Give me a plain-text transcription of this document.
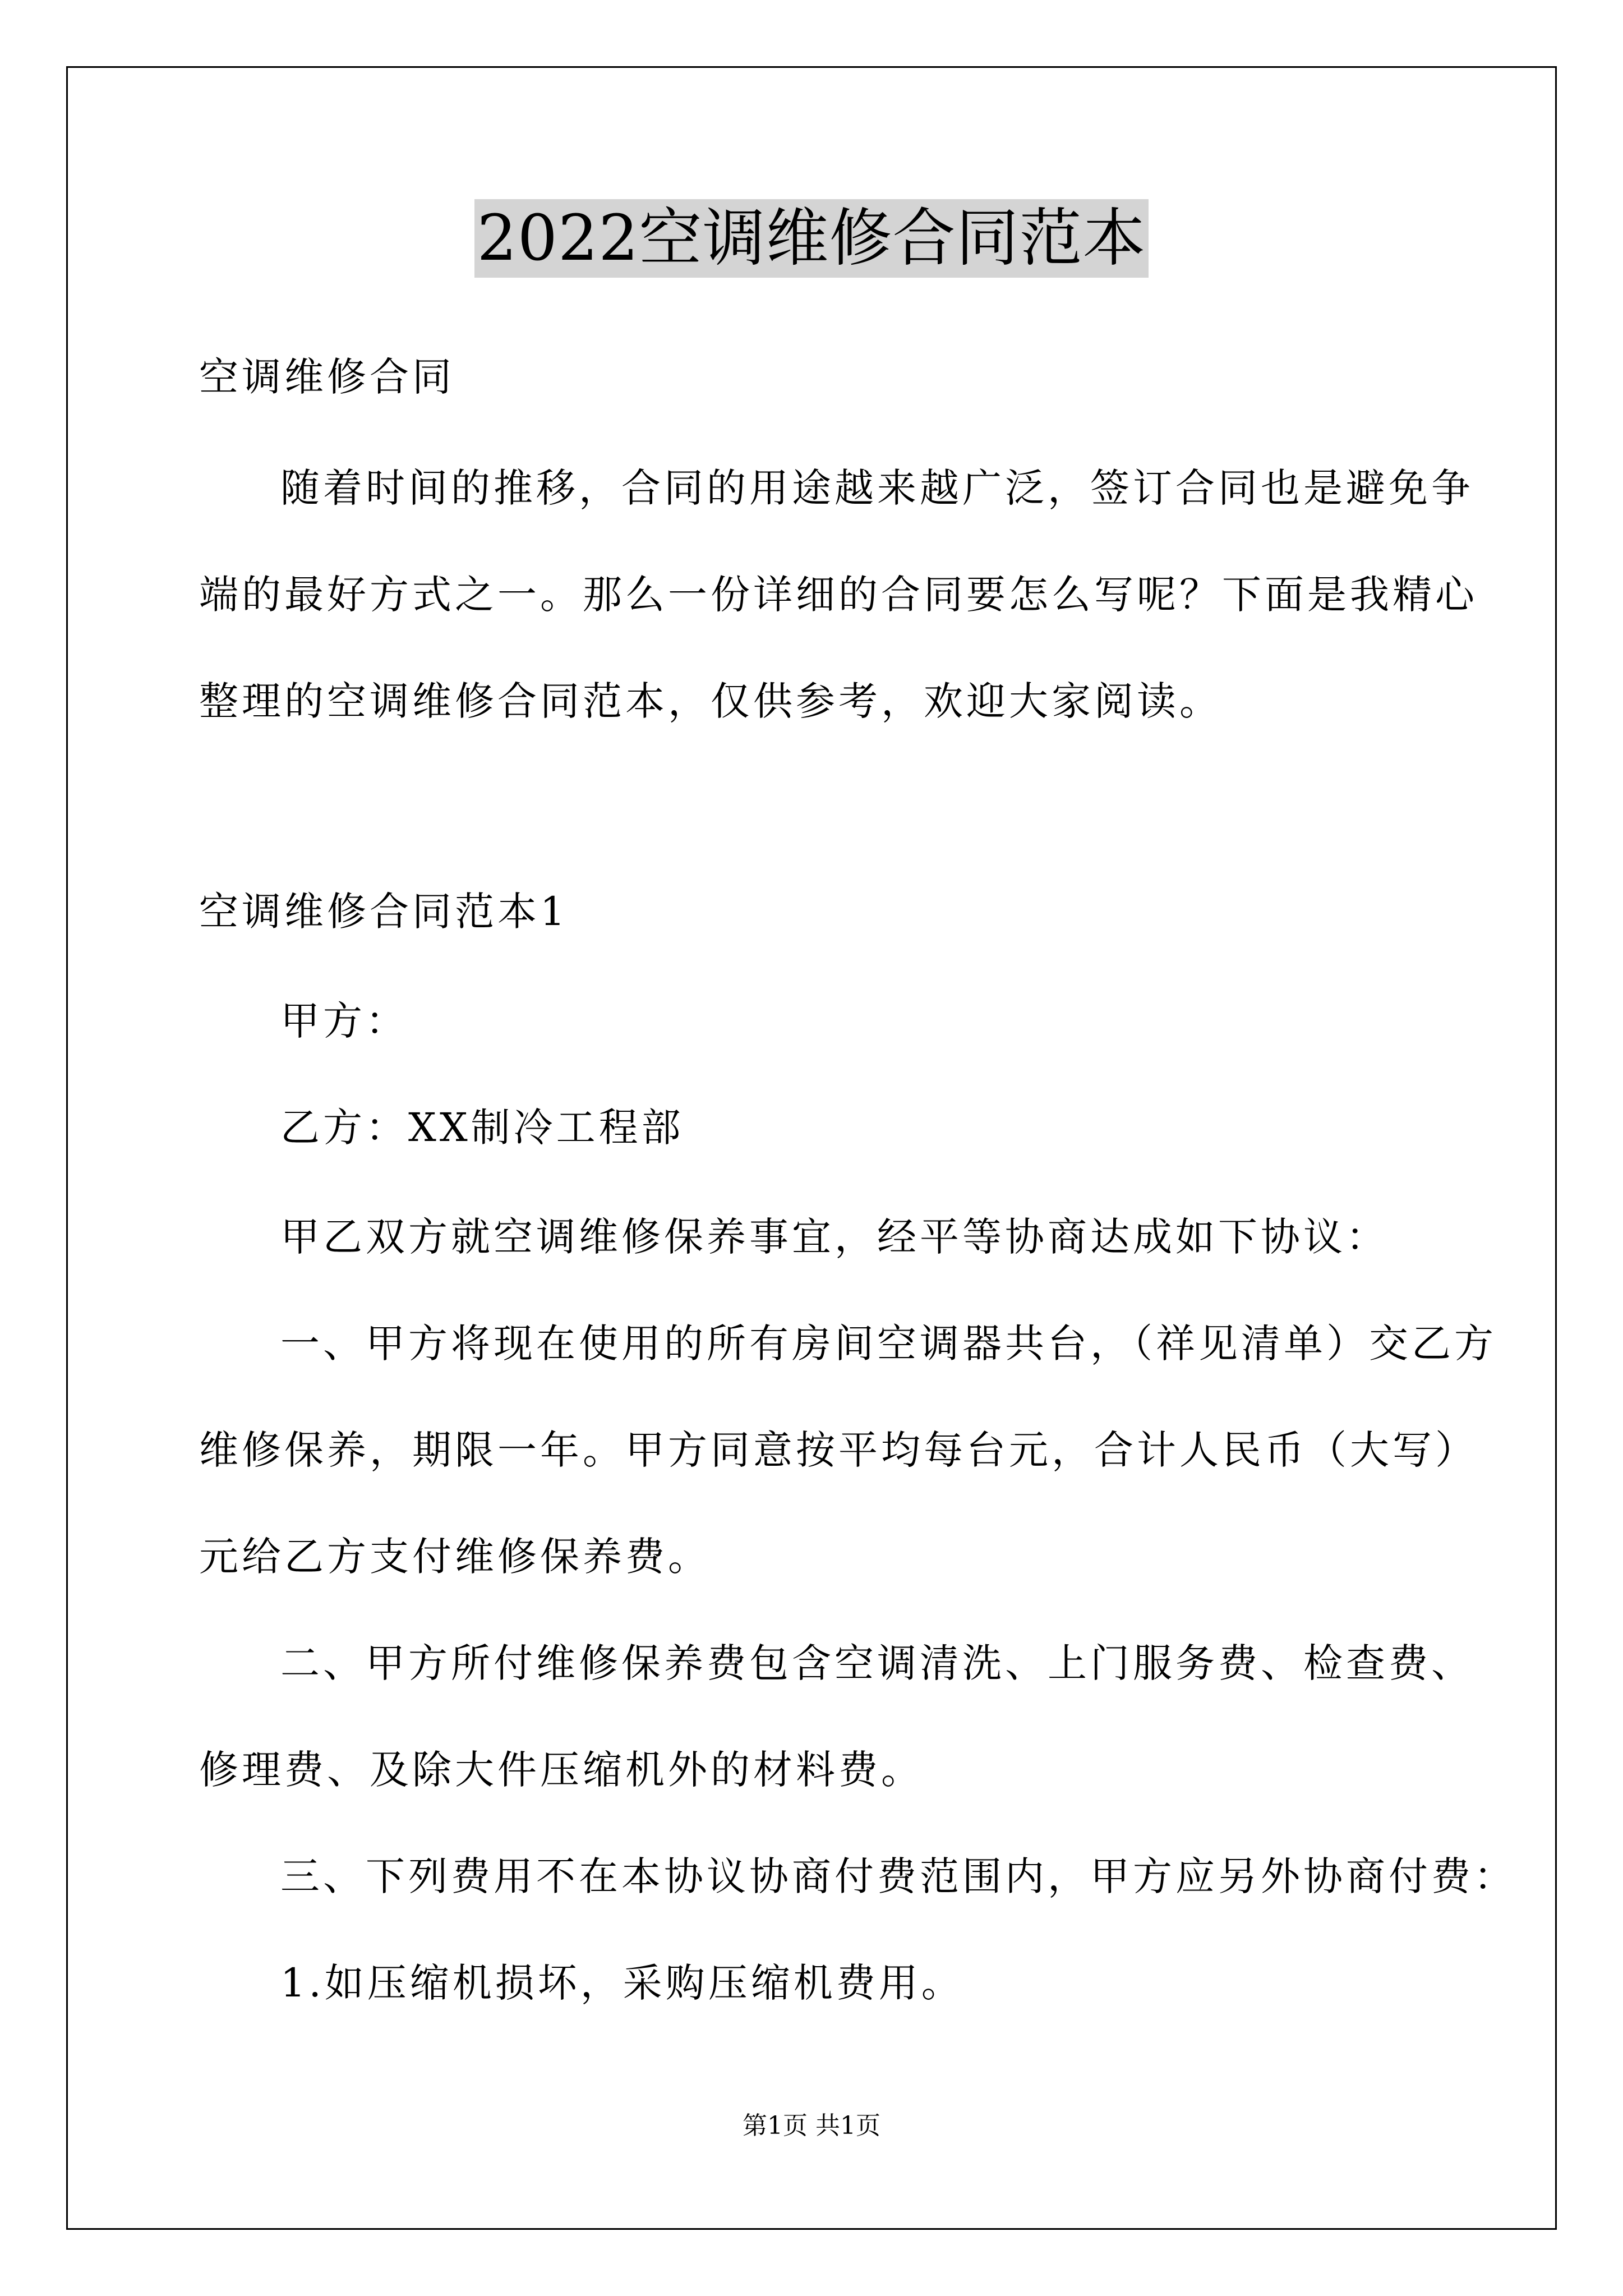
2022空调维修合同范本
空调维修合同
随着时间的推移，合同的用途越来越广泛，签订合同也是避免争
端的最好方式之一。那么一份详细的合同要怎么写呢？下面是我精心
整理的空调维修合同范本，仅供参考，欢迎大家阅读。
空调维修合同范本1
甲方：
乙方：XX制冷工程部
甲乙双方就空调维修保养事宜，经平等协商达成如下协议：
一、甲方将现在使用的所有房间空调器共台，（祥见清单）交乙方
维修保养，期限一年。甲方同意按平均每台元，合计人民币（大写）
元给乙方支付维修保养费。
二、甲方所付维修保养费包含空调清洗、上门服务费、检查费、
修理费、及除大件压缩机外的材料费。
三、下列费用不在本协议协商付费范围内，甲方应另外协商付费：
1.如压缩机损坏，采购压缩机费用。
第1页 共1页
